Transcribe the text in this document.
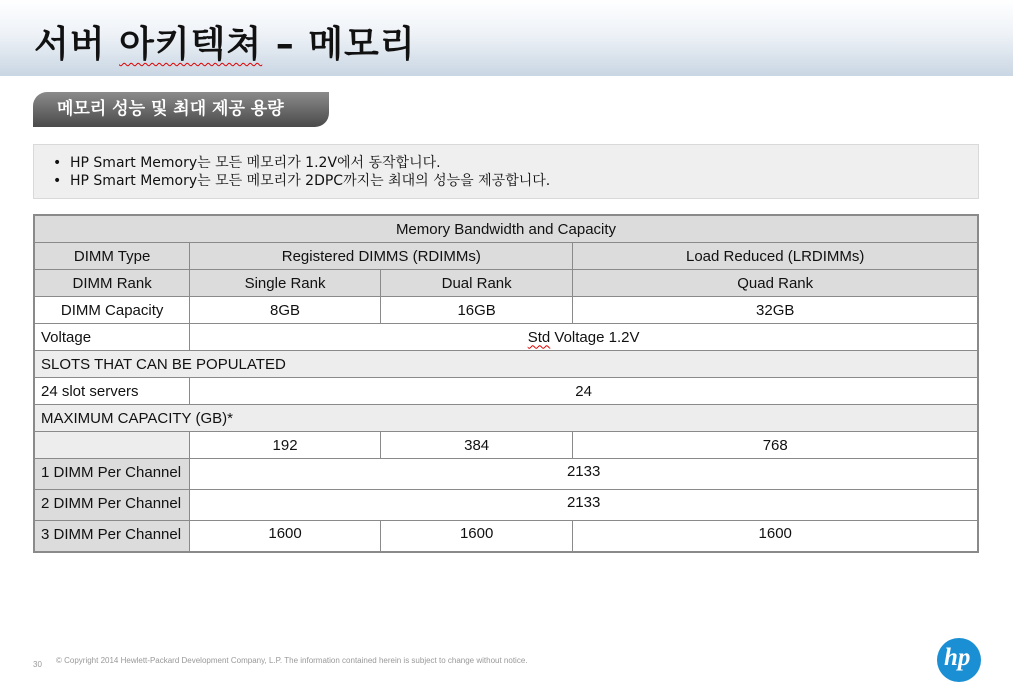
서버 아키텍쳐 – 메모리
메모리 성능 및 최대 제공 용량
• HP Smart Memory는 모든 메모리가 1.2V에서 동작합니다.
• HP Smart Memory는 모든 메모리가 2DPC까지는 최대의 성능을 제공합니다.
Memory Bandwidth and Capacity			
DIMM Type	Registered DIMMS (RDIMMs)		Load Reduced (LRDIMMs)
DIMM Rank	Single Rank	Dual Rank	Quad Rank
DIMM Capacity	8GB	16GB	32GB
Voltage	Std Voltage 1.2V		
SLOTS THAT CAN BE POPULATED			
24 slot servers	24		
MAXIMUM CAPACITY (GB)*			
	192	384	768
1 DIMM Per Channel	2133		
2 DIMM Per Channel	2133		
3 DIMM Per Channel	1600	1600	1600
30 © Copyright 2014 Hewlett-Packard Development Company, L.P. The information contained herein is subject to change without notice.	hp
